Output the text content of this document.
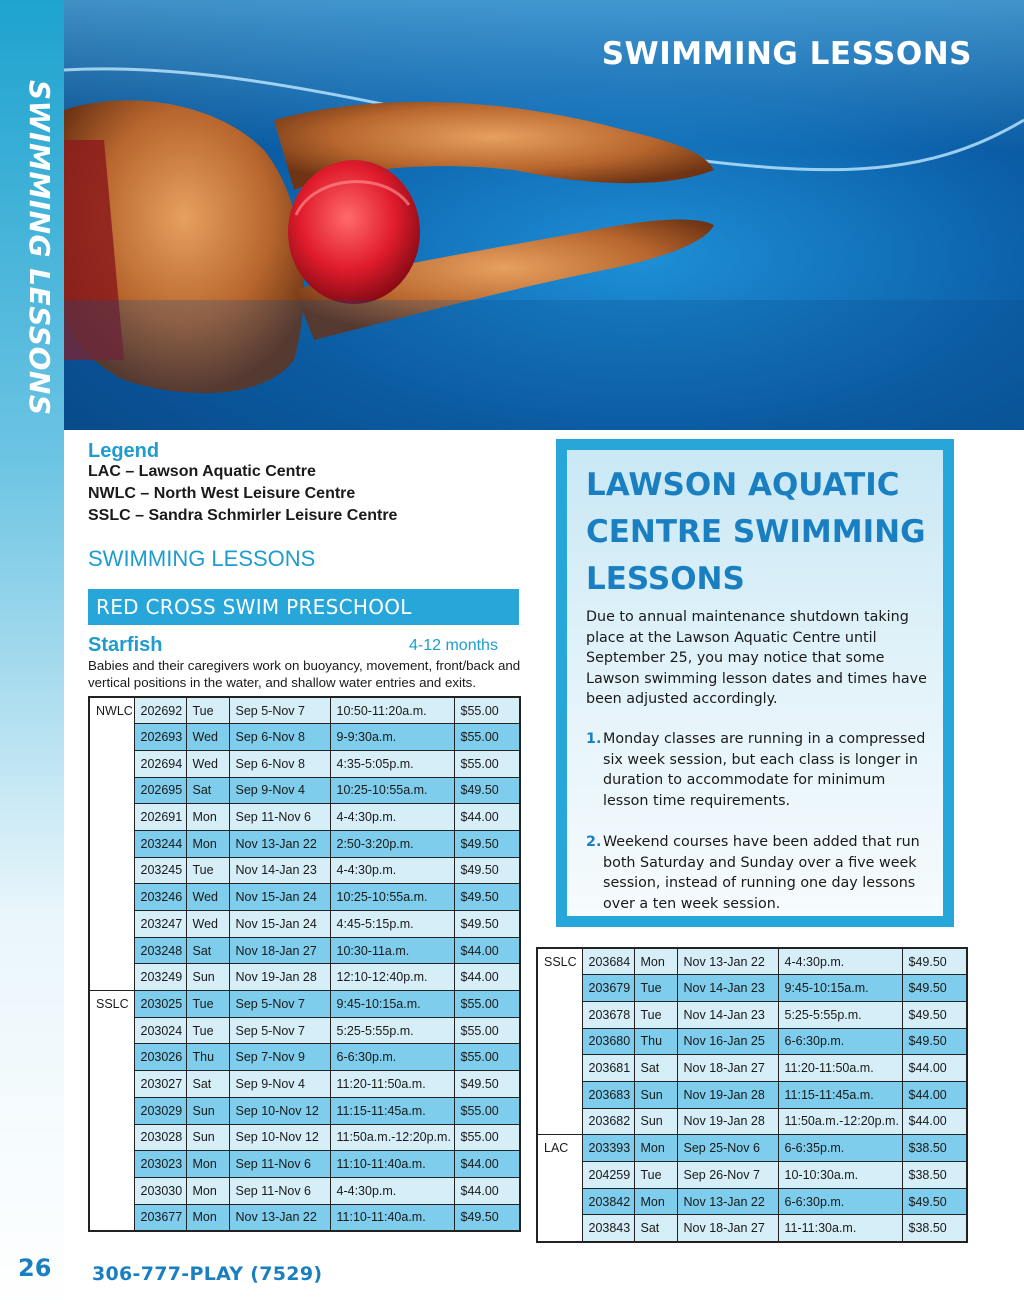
SWIMMING LESSONS
26
SWIMMING LESSONS
Legend
LAC – Lawson Aquatic Centre
NWLC – North West Leisure Centre
SSLC – Sandra Schmirler Leisure Centre
SWIMMING LESSONS
RED CROSS SWIM PRESCHOOL
Starfish	4-12 months
Babies and their caregivers work on buoyancy, movement, front/back and vertical positions in the water, and shallow water entries and exits.
NWLC	202692	Tue	Sep 5-Nov 7	10:50-11:20a.m.	$55.00
	202693	Wed	Sep 6-Nov 8	9-9:30a.m.	$55.00
	202694	Wed	Sep 6-Nov 8	4:35-5:05p.m.	$55.00
	202695	Sat	Sep 9-Nov 4	10:25-10:55a.m.	$49.50
	202691	Mon	Sep 11-Nov 6	4-4:30p.m.	$44.00
	203244	Mon	Nov 13-Jan 22	2:50-3:20p.m.	$49.50
	203245	Tue	Nov 14-Jan 23	4-4:30p.m.	$49.50
	203246	Wed	Nov 15-Jan 24	10:25-10:55a.m.	$49.50
	203247	Wed	Nov 15-Jan 24	4:45-5:15p.m.	$49.50
	203248	Sat	Nov 18-Jan 27	10:30-11a.m.	$44.00
	203249	Sun	Nov 19-Jan 28	12:10-12:40p.m.	$44.00
SSLC	203025	Tue	Sep 5-Nov 7	9:45-10:15a.m.	$55.00
	203024	Tue	Sep 5-Nov 7	5:25-5:55p.m.	$55.00
	203026	Thu	Sep 7-Nov 9	6-6:30p.m.	$55.00
	203027	Sat	Sep 9-Nov 4	11:20-11:50a.m.	$49.50
	203029	Sun	Sep 10-Nov 12	11:15-11:45a.m.	$55.00
	203028	Sun	Sep 10-Nov 12	11:50a.m.-12:20p.m.	$55.00
	203023	Mon	Sep 11-Nov 6	11:10-11:40a.m.	$44.00
	203030	Mon	Sep 11-Nov 6	4-4:30p.m.	$44.00
	203677	Mon	Nov 13-Jan 22	11:10-11:40a.m.	$49.50
LAWSON AQUATIC CENTRE SWIMMING LESSONS
Due to annual maintenance shutdown taking place at the Lawson Aquatic Centre until September 25, you may notice that some Lawson swimming lesson dates and times have been adjusted accordingly.
1. Monday classes are running in a compressed six week session, but each class is longer in duration to accommodate for minimum lesson time requirements.
2. Weekend courses have been added that run both Saturday and Sunday over a five week session, instead of running one day lessons over a ten week session.
SSLC	203684	Mon	Nov 13-Jan 22	4-4:30p.m.	$49.50
	203679	Tue	Nov 14-Jan 23	9:45-10:15a.m.	$49.50
	203678	Tue	Nov 14-Jan 23	5:25-5:55p.m.	$49.50
	203680	Thu	Nov 16-Jan 25	6-6:30p.m.	$49.50
	203681	Sat	Nov 18-Jan 27	11:20-11:50a.m.	$44.00
	203683	Sun	Nov 19-Jan 28	11:15-11:45a.m.	$44.00
	203682	Sun	Nov 19-Jan 28	11:50a.m.-12:20p.m.	$44.00
LAC	203393	Mon	Sep 25-Nov 6	6-6:35p.m.	$38.50
	204259	Tue	Sep 26-Nov 7	10-10:30a.m.	$38.50
	203842	Mon	Nov 13-Jan 22	6-6:30p.m.	$49.50
	203843	Sat	Nov 18-Jan 27	11-11:30a.m.	$38.50
306-777-PLAY (7529)
